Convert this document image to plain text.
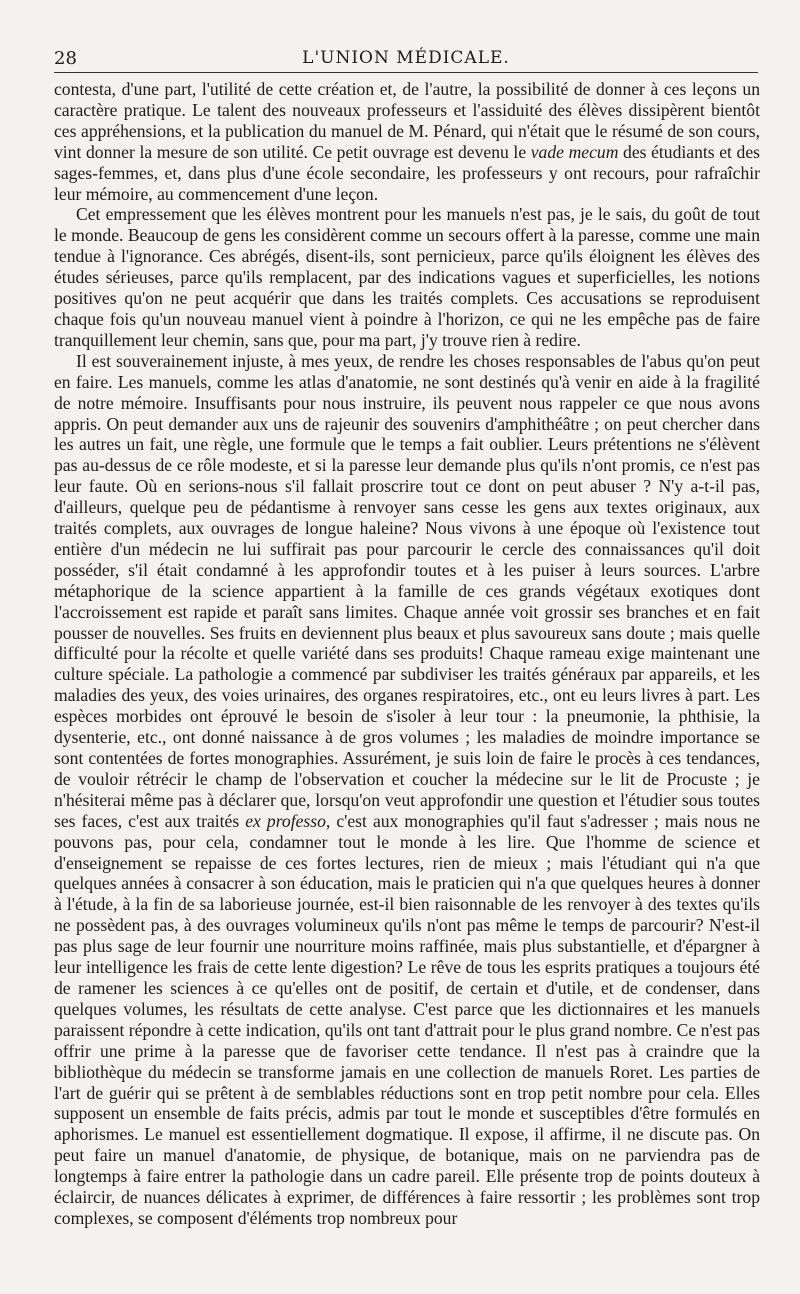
28	L'UNION MÉDICALE.

contesta, d'une part, l'utilité de cette création et, de l'autre, la possibilité de donner à ces leçons un caractère pratique. Le talent des nouveaux professeurs et l'assiduité des élèves dissipèrent bientôt ces appréhensions, et la publication du manuel de M. Pénard, qui n'était que le résumé de son cours, vint donner la mesure de son utilité. Ce petit ouvrage est devenu le vade mecum des étudiants et des sages-femmes, et, dans plus d'une école secondaire, les professeurs y ont recours, pour rafraîchir leur mémoire, au commencement d'une leçon.

Cet empressement que les élèves montrent pour les manuels n'est pas, je le sais, du goût de tout le monde. Beaucoup de gens les considèrent comme un secours offert à la paresse, comme une main tendue à l'ignorance. Ces abrégés, disent-ils, sont pernicieux, parce qu'ils éloignent les élèves des études sérieuses, parce qu'ils remplacent, par des indications vagues et superficielles, les notions positives qu'on ne peut acquérir que dans les traités complets. Ces accusations se reproduisent chaque fois qu'un nouveau manuel vient à poindre à l'horizon, ce qui ne les empêche pas de faire tranquillement leur chemin, sans que, pour ma part, j'y trouve rien à redire.

Il est souverainement injuste, à mes yeux, de rendre les choses responsables de l'abus qu'on peut en faire. Les manuels, comme les atlas d'anatomie, ne sont destinés qu'à venir en aide à la fragilité de notre mémoire. Insuffisants pour nous instruire, ils peuvent nous rappeler ce que nous avons appris. On peut demander aux uns de rajeunir des souvenirs d'amphithéâtre ; on peut chercher dans les autres un fait, une règle, une formule que le temps a fait oublier. Leurs prétentions ne s'élèvent pas au-dessus de ce rôle modeste, et si la paresse leur demande plus qu'ils n'ont promis, ce n'est pas leur faute. Où en serions-nous s'il fallait proscrire tout ce dont on peut abuser ? N'y a-t-il pas, d'ailleurs, quelque peu de pédantisme à renvoyer sans cesse les gens aux textes originaux, aux traités complets, aux ouvrages de longue haleine? Nous vivons à une époque où l'existence tout entière d'un médecin ne lui suffirait pas pour parcourir le cercle des connaissances qu'il doit posséder, s'il était condamné à les approfondir toutes et à les puiser à leurs sources. L'arbre métaphorique de la science appartient à la famille de ces grands végétaux exotiques dont l'accroissement est rapide et paraît sans limites. Chaque année voit grossir ses branches et en fait pousser de nouvelles. Ses fruits en deviennent plus beaux et plus savoureux sans doute ; mais quelle difficulté pour la récolte et quelle variété dans ses produits! Chaque rameau exige maintenant une culture spéciale. La pathologie a commencé par subdiviser les traités généraux par appareils, et les maladies des yeux, des voies urinaires, des organes respiratoires, etc., ont eu leurs livres à part. Les espèces morbides ont éprouvé le besoin de s'isoler à leur tour : la pneumonie, la phthisie, la dysenterie, etc., ont donné naissance à de gros volumes ; les maladies de moindre importance se sont contentées de fortes monographies. Assurément, je suis loin de faire le procès à ces tendances, de vouloir rétrécir le champ de l'observation et coucher la médecine sur le lit de Procuste ; je n'hésiterai même pas à déclarer que, lorsqu'on veut approfondir une question et l'étudier sous toutes ses faces, c'est aux traités ex professo, c'est aux monographies qu'il faut s'adresser ; mais nous ne pouvons pas, pour cela, condamner tout le monde à les lire. Que l'homme de science et d'enseignement se repaisse de ces fortes lectures, rien de mieux ; mais l'étudiant qui n'a que quelques années à consacrer à son éducation, mais le praticien qui n'a que quelques heures à donner à l'étude, à la fin de sa laborieuse journée, est-il bien raisonnable de les renvoyer à des textes qu'ils ne possèdent pas, à des ouvrages volumineux qu'ils n'ont pas même le temps de parcourir? N'est-il pas plus sage de leur fournir une nourriture moins raffinée, mais plus substantielle, et d'épargner à leur intelligence les frais de cette lente digestion? Le rêve de tous les esprits pratiques a toujours été de ramener les sciences à ce qu'elles ont de positif, de certain et d'utile, et de condenser, dans quelques volumes, les résultats de cette analyse. C'est parce que les dictionnaires et les manuels paraissent répondre à cette indication, qu'ils ont tant d'attrait pour le plus grand nombre. Ce n'est pas offrir une prime à la paresse que de favoriser cette tendance. Il n'est pas à craindre que la bibliothèque du médecin se transforme jamais en une collection de manuels Roret. Les parties de l'art de guérir qui se prêtent à de semblables réductions sont en trop petit nombre pour cela. Elles supposent un ensemble de faits précis, admis par tout le monde et susceptibles d'être formulés en aphorismes. Le manuel est essentiellement dogmatique. Il expose, il affirme, il ne discute pas. On peut faire un manuel d'anatomie, de physique, de botanique, mais on ne parviendra pas de longtemps à faire entrer la pathologie dans un cadre pareil. Elle présente trop de points douteux à éclaircir, de nuances délicates à exprimer, de différences à faire ressortir ; les problèmes sont trop complexes, se composent d'éléments trop nombreux pour
